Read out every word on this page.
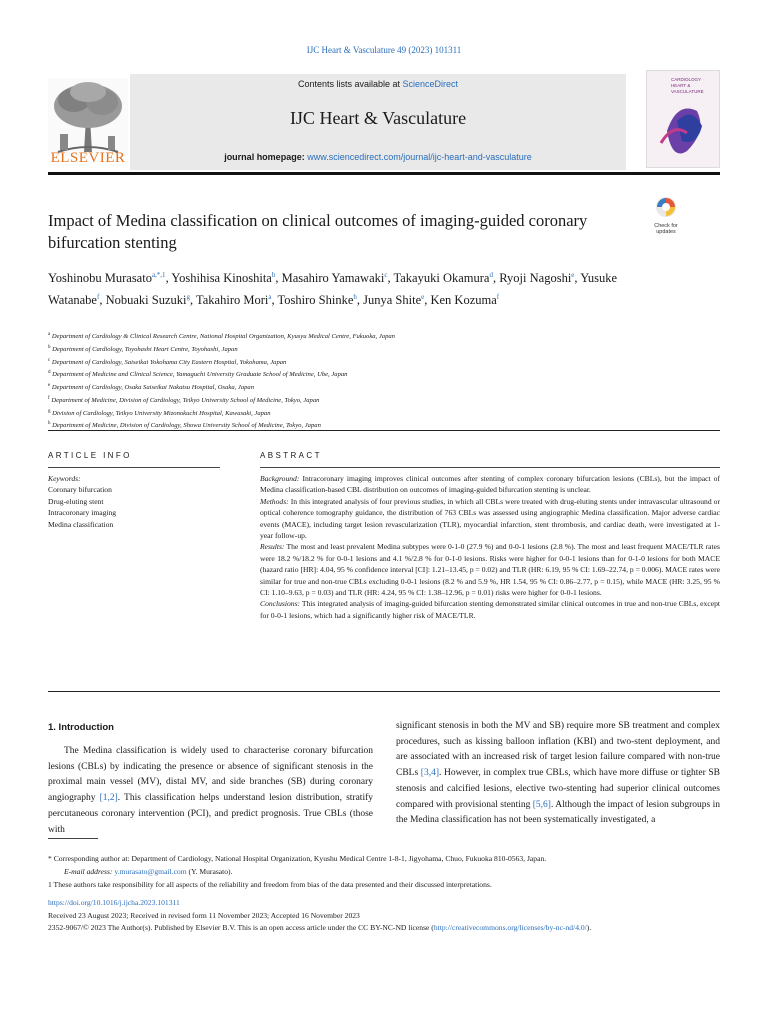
IJC Heart & Vasculature 49 (2023) 101311
ELSEVIER
Contents lists available at ScienceDirect
IJC Heart & Vasculature
journal homepage: www.sciencedirect.com/journal/ijc-heart-and-vasculature
CARDIOLOGY
HEART &
VASCULATURE
Impact of Medina classification on clinical outcomes of imaging-guided coronary bifurcation stenting
Check for
updates
Yoshinobu Murasato$^{a,*,1}$, Yoshihisa Kinoshita$^b$, Masahiro Yamawaki$^c$, Takayuki Okamura$^d$, Ryoji Nagoshi$^e$, Yusuke Watanabe$^f$, Nobuaki Suzuki$^g$, Takahiro Mori$^a$, Toshiro Shinke$^h$, Junya Shite$^e$, Ken Kozuma$^f$
$^a$ Department of Cardiology & Clinical Research Centre, National Hospital Organization, Kyusyu Medical Centre, Fukuoka, Japan
$^b$ Department of Cardiology, Toyohashi Heart Centre, Toyohashi, Japan
$^c$ Department of Cardiology, Saiseikai Yokohama City Eastern Hospital, Yokohama, Japan
$^d$ Department of Medicine and Clinical Science, Yamaguchi University Graduate School of Medicine, Ube, Japan
$^e$ Department of Cardiology, Osaka Saiseikai Nakatsu Hospital, Osaka, Japan
$^f$ Department of Medicine, Division of Cardiology, Teikyo University School of Medicine, Tokyo, Japan
$^g$ Division of Cardiology, Teikyo University Mizonokuchi Hospital, Kawasaki, Japan
$^h$ Department of Medicine, Division of Cardiology, Showa University School of Medicine, Tokyo, Japan
ARTICLE INFO	ABSTRACT
Keywords:
Coronary bifurcation
Drug-eluting stent
Intracoronary imaging
Medina classification

Background: Intracoronary imaging improves clinical outcomes after stenting of complex coronary bifurcation lesions (CBLs), but the impact of Medina classification-based CBL distribution on outcomes of imaging-guided bifurcation stenting is unclear.

Methods: In this integrated analysis of four previous studies, in which all CBLs were treated with drug-eluting stents under intravascular ultrasound or optical coherence tomography guidance, the distribution of 763 CBLs was assessed using angiographic Medina classification. Major adverse cardiac events (MACE), including target lesion revascularization (TLR), myocardial infarction, stent thrombosis, and cardiac death, were investigated at 1-year follow-up.

Results: The most and least prevalent Medina subtypes were 0-1-0 (27.9 %) and 0-0-1 lesions (2.8 %). The most and least frequent MACE/TLR rates were 18.2 %/18.2 % for 0-0-1 lesions and 4.1 %/2.8 % for 0-1-0 lesions. Risks were higher for 0-0-1 lesions than for 0-1-0 lesions for both MACE (hazard ratio [HR]: 4.04, 95 % confidence interval [CI]: 1.21–13.45, p = 0.02) and TLR (HR: 6.19, 95 % CI: 1.69–22.74, p = 0.006). MACE rates were similar for true and non-true CBLs excluding 0-0-1 lesions (8.2 % and 5.9 %, HR 1.54, 95 % CI: 0.86–2.77, p = 0.15), while MACE (HR: 3.25, 95 % CI: 1.10–9.63, p = 0.03) and TLR (HR: 4.24, 95 % CI: 1.38–12.96, p = 0.01) risks were higher for 0-0-1 lesions.

Conclusions: This integrated analysis of imaging-guided bifurcation stenting demonstrated similar clinical outcomes in true and non-true CBLs, except for 0-0-1 lesions, which had a significantly higher risk of MACE/TLR.

1. Introduction
The Medina classification is widely used to characterise coronary bifurcation lesions (CBLs) by indicating the presence or absence of significant stenosis in the proximal main vessel (MV), distal MV, and side branches (SB) during coronary angiography [1,2]. This classification helps understand lesion distribution, stratify percutaneous coronary intervention (PCI), and predict prognosis. True CBLs (those with
significant stenosis in both the MV and SB) require more SB treatment and complex procedures, such as kissing balloon inflation (KBI) and two-stent deployment, and are associated with an increased risk of target lesion failure compared with non-true CBLs [3,4]. However, in complex true CBLs, which have more diffuse or tighter SB stenosis and calcified lesions, elective two-stenting had superior clinical outcomes compared with provisional stenting [5,6]. Although the impact of lesion subgroups in the Medina classification has not been systematically investigated, a
* Corresponding author at: Department of Cardiology, National Hospital Organization, Kyushu Medical Centre 1-8-1, Jigyohama, Chuo, Fukuoka 810-0563, Japan.
E-mail address: y.murasato@gmail.com (Y. Murasato).
1 These authors take responsibility for all aspects of the reliability and freedom from bias of the data presented and their discussed interpretations.
https://doi.org/10.1016/j.ijcha.2023.101311
Received 23 August 2023; Received in revised form 11 November 2023; Accepted 16 November 2023
2352-9067/© 2023 The Author(s). Published by Elsevier B.V. This is an open access article under the CC BY-NC-ND license (http://creativecommons.org/licenses/by-nc-nd/4.0/).
